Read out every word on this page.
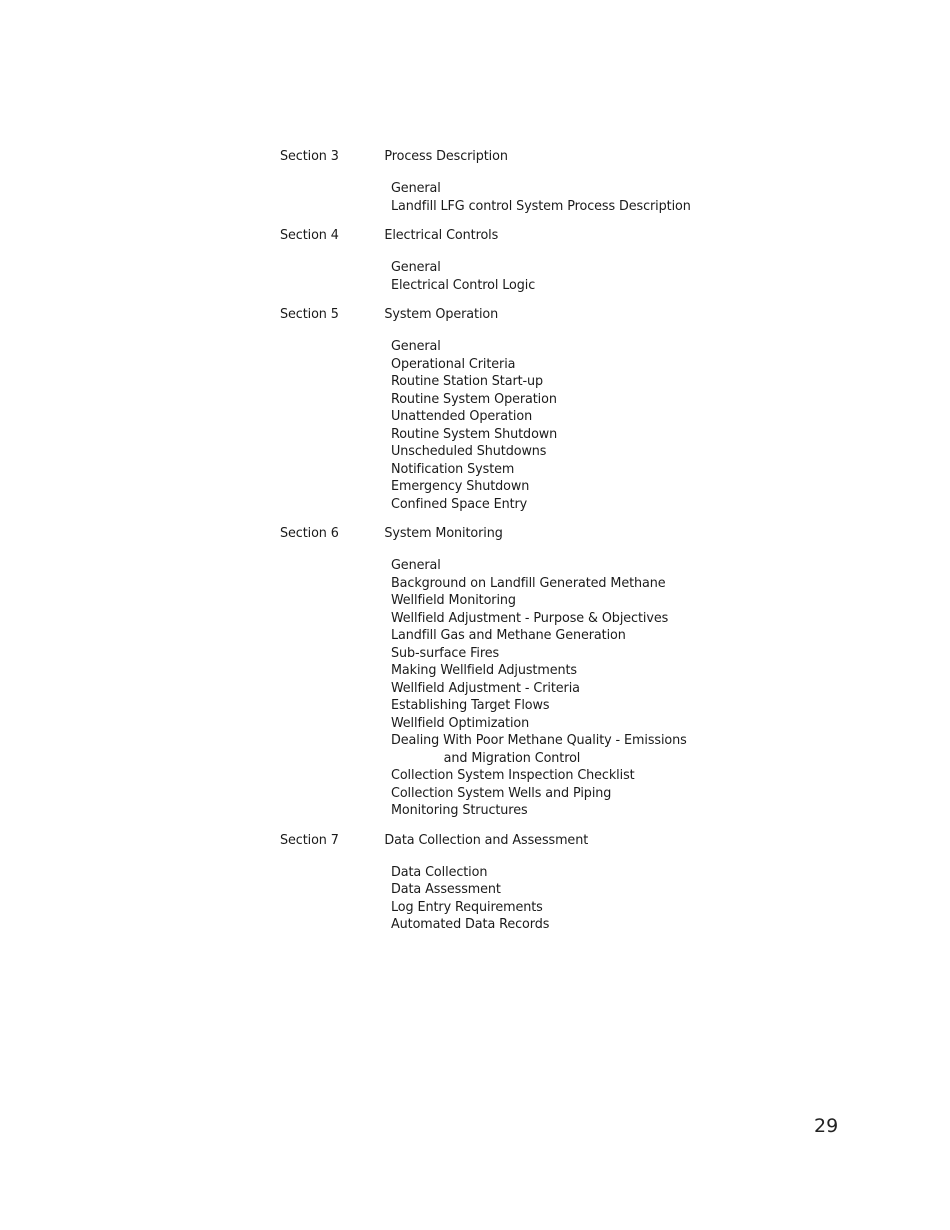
Section 3	Process Description
General
Landfill LFG control System Process Description
Section 4	Electrical Controls
General
Electrical Control Logic
Section 5	System Operation
General
Operational Criteria
Routine Station Start-up
Routine System Operation
Unattended Operation
Routine System Shutdown
Unscheduled Shutdowns
Notification System
Emergency Shutdown
Confined Space Entry
Section 6	System Monitoring
General
Background on Landfill Generated Methane
Wellfield Monitoring
Wellfield Adjustment - Purpose & Objectives
Landfill Gas and Methane Generation
Sub-surface Fires
Making Wellfield Adjustments
Wellfield Adjustment - Criteria
Establishing Target Flows
Wellfield Optimization
Dealing With Poor Methane Quality - Emissions
and Migration Control
Collection System Inspection Checklist
Collection System Wells and Piping
Monitoring Structures
Section 7	Data Collection and Assessment
Data Collection
Data Assessment
Log Entry Requirements
Automated Data Records
29
